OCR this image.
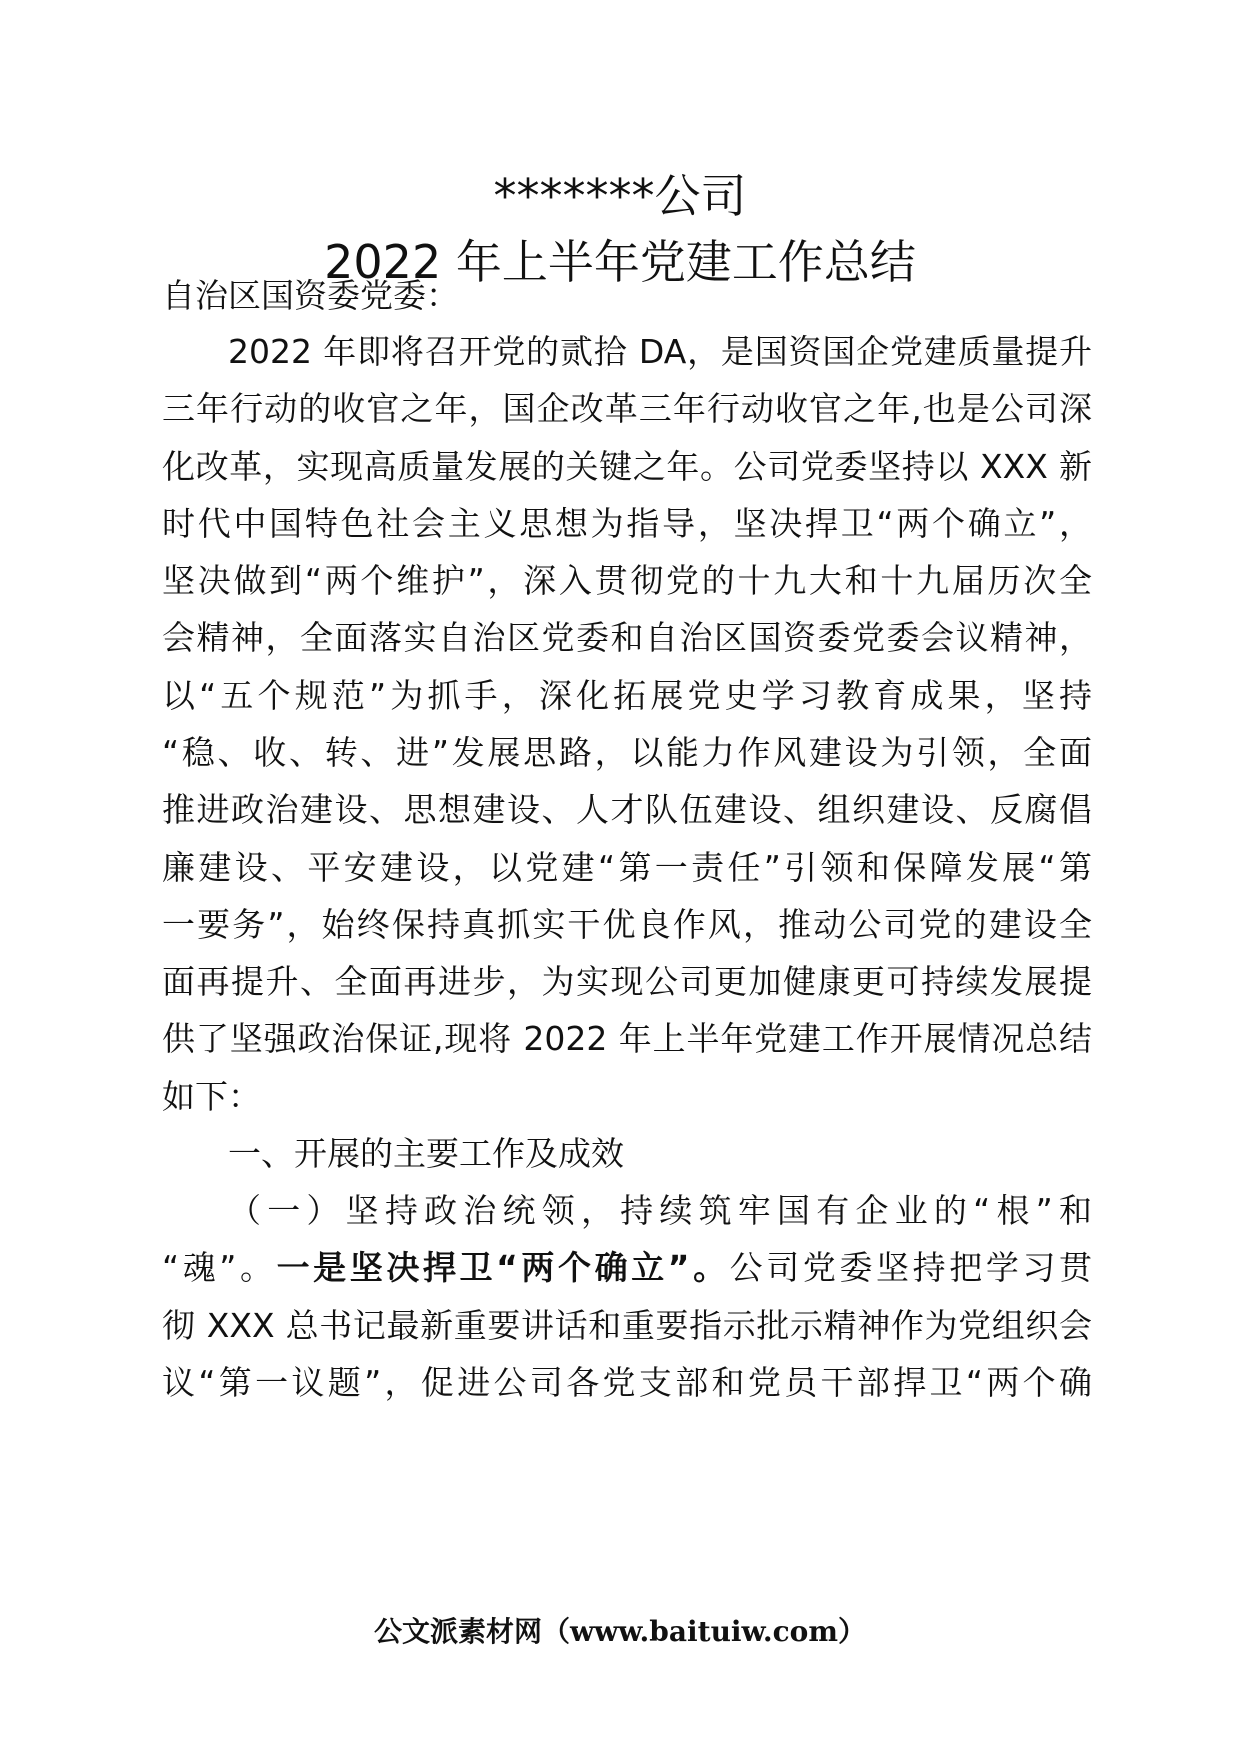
*******公司
2022 年上半年党建工作总结
自治区国资委党委：
2022 年即将召开党的贰拾 DA，是国资国企党建质量提升
三年行动的收官之年，国企改革三年行动收官之年,也是公司深
化改革，实现高质量发展的关键之年。公司党委坚持以 XXX 新
时代中国特色社会主义思想为指导，坚决捍卫“两个确立”，
坚决做到“两个维护”，深入贯彻党的十九大和十九届历次全
会精神，全面落实自治区党委和自治区国资委党委会议精神，
以“五个规范”为抓手，深化拓展党史学习教育成果，坚持
“稳、收、转、进”发展思路，以能力作风建设为引领，全面
推进政治建设、思想建设、人才队伍建设、组织建设、反腐倡
廉建设、平安建设，以党建“第一责任”引领和保障发展“第
一要务”，始终保持真抓实干优良作风，推动公司党的建设全
面再提升、全面再进步，为实现公司更加健康更可持续发展提
供了坚强政治保证,现将 2022 年上半年党建工作开展情况总结
如下：
一、开展的主要工作及成效
（一）坚持政治统领，持续筑牢国有企业的“根”和
“魂”。一是坚决捍卫“两个确立”。公司党委坚持把学习贯
彻 XXX 总书记最新重要讲话和重要指示批示精神作为党组织会
议“第一议题”，促进公司各党支部和党员干部捍卫“两个确
公文派素材网（www.baituiw.com）
